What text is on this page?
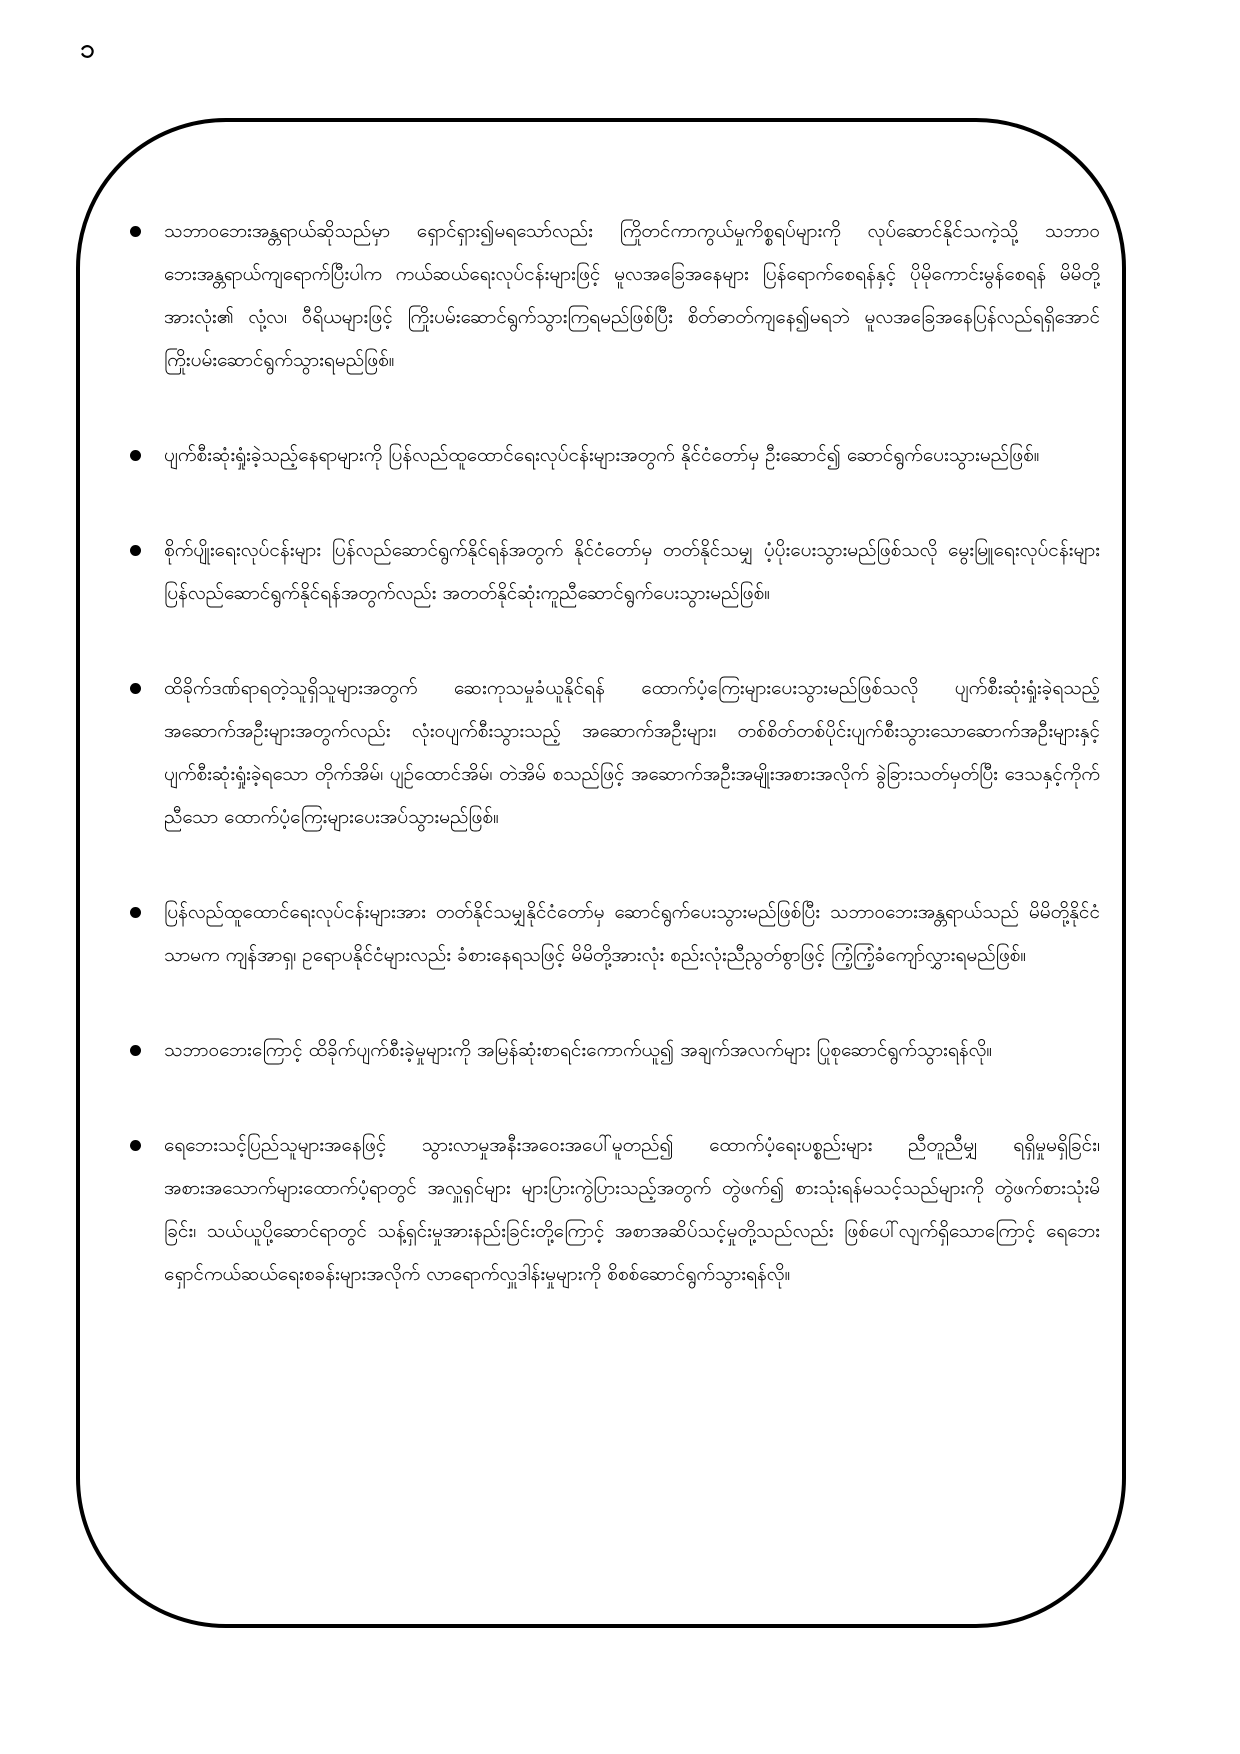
၁
သဘာဝဘေးအန္တရာယ်ဆိုသည်မှာ ရှောင်ရှား၍မရသော်လည်း ကြိုတင်ကာကွယ်မှုကိစ္စရပ်များကို လုပ်ဆောင်နိုင်သကဲ့သို့ သဘာဝဘေးအန္တရာယ်ကျရောက်ပြီးပါက ကယ်ဆယ်ရေးလုပ်ငန်းများဖြင့် မူလအခြေအနေများ ပြန်ရောက်စေရန်နှင့် ပိုမိုကောင်းမွန်စေရန် မိမိတို့အားလုံး၏ လုံ့လ၊ ဝီရိယများဖြင့် ကြိုးပမ်းဆောင်ရွက်သွားကြရမည်ဖြစ်ပြီး စိတ်ဓာတ်ကျနေ၍မရဘဲ မူလအခြေအနေပြန်လည်ရရှိအောင် ကြိုးပမ်းဆောင်ရွက်သွားရမည်ဖြစ်။
ပျက်စီးဆုံးရှုံးခဲ့သည့်နေရာများကို ပြန်လည်ထူထောင်ရေးလုပ်ငန်းများအတွက် နိုင်ငံတော်မှ ဦးဆောင်၍ ဆောင်ရွက်ပေးသွားမည်ဖြစ်။
စိုက်ပျိုးရေးလုပ်ငန်းများ ပြန်လည်ဆောင်ရွက်နိုင်ရန်အတွက် နိုင်ငံတော်မှ တတ်နိုင်သမျှ ပံ့ပိုးပေးသွားမည်ဖြစ်သလို မွေးမြူရေးလုပ်ငန်းများ ပြန်လည်ဆောင်ရွက်နိုင်ရန်အတွက်လည်း အတတ်နိုင်ဆုံးကူညီဆောင်ရွက်ပေးသွားမည်ဖြစ်။
ထိခိုက်ဒဏ်ရာရတဲ့သူရှိသူများအတွက် ဆေးကုသမှုခံယူနိုင်ရန် ထောက်ပံ့ကြေးများပေးသွားမည်ဖြစ်သလို ပျက်စီးဆုံးရှုံးခဲ့ရသည့် အဆောက်အဦးများအတွက်လည်း လုံးဝပျက်စီးသွားသည့် အဆောက်အဦးများ၊ တစ်စိတ်တစ်ပိုင်းပျက်စီးသွားသောဆောက်အဦးများနှင့် ပျက်စီးဆုံးရှုံးခဲ့ရသော တိုက်အိမ်၊ ပျဉ်ထောင်အိမ်၊ တဲအိမ် စသည်ဖြင့် အဆောက်အဦးအမျိုးအစားအလိုက် ခွဲခြားသတ်မှတ်ပြီး ဒေသနှင့်ကိုက်ညီသော ထောက်ပံ့ကြေးများပေးအပ်သွားမည်ဖြစ်။
ပြန်လည်ထူထောင်ရေးလုပ်ငန်းများအား တတ်နိုင်သမျှနိုင်ငံတော်မှ ဆောင်ရွက်ပေးသွားမည်ဖြစ်ပြီး သဘာဝဘေးအန္တရာယ်သည် မိမိတို့နိုင်ငံသာမက ကျန်အာရှ၊ ဥရောပနိုင်ငံများလည်း ခံစားနေရသဖြင့် မိမိတို့အားလုံး စည်းလုံးညီညွတ်စွာဖြင့် ကြံ့ကြံ့ခံကျော်လွှားရမည်ဖြစ်။
သဘာဝဘေးကြောင့် ထိခိုက်ပျက်စီးခဲ့မှုများကို အမြန်ဆုံးစာရင်းကောက်ယူ၍ အချက်အလက်များ ပြုစုဆောင်ရွက်သွားရန်လို။
ရေဘေးသင့်ပြည်သူများအနေဖြင့် သွားလာမှုအနီးအဝေးအပေါ်မူတည်၍ ထောက်ပံ့ရေးပစ္စည်းများ ညီတူညီမျှ ရရှိမှုမရှိခြင်း၊ အစားအသောက်များထောက်ပံ့ရာတွင် အလှူရှင်များ များပြားကွဲပြားသည့်အတွက် တွဲဖက်၍ စားသုံးရန်မသင့်သည်များကို တွဲဖက်စားသုံးမိခြင်း၊ သယ်ယူပို့ဆောင်ရာတွင် သန့်ရှင်းမှုအားနည်းခြင်းတို့ကြောင့် အစာအဆိပ်သင့်မှုတို့သည်လည်း ဖြစ်ပေါ်လျက်ရှိသောကြောင့် ရေဘေးရှောင်ကယ်ဆယ်ရေးစခန်းများအလိုက် လာရောက်လှူဒါန်းမှုများကို စိစစ်ဆောင်ရွက်သွားရန်လို။
